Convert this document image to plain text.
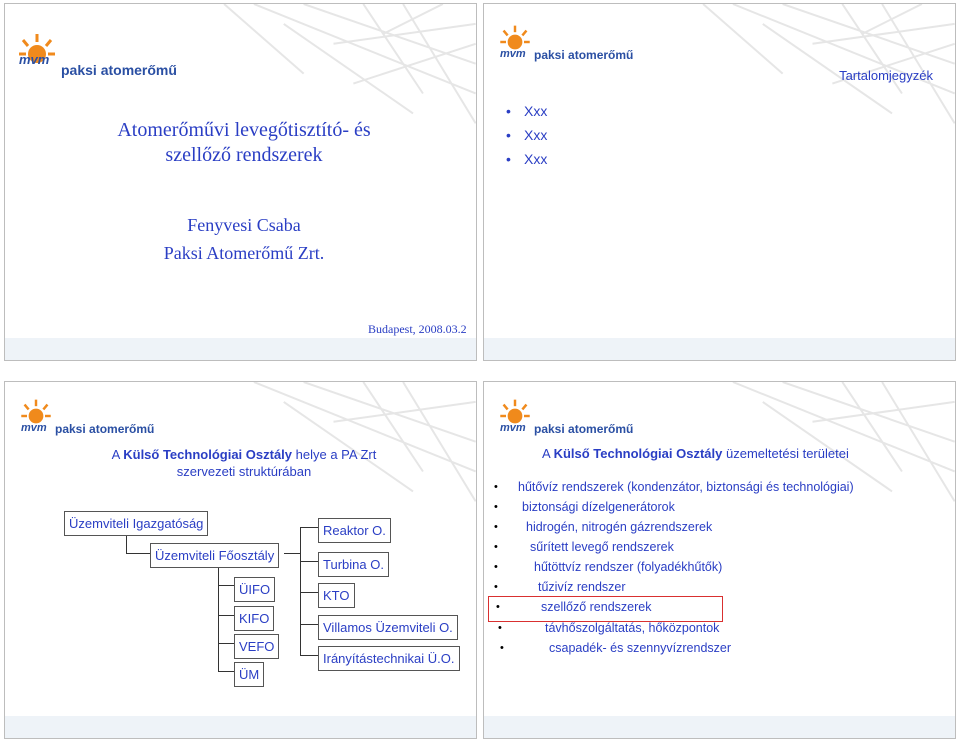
mvm
paksi atomerőmű
Atomerőművi levegőtisztító- és
szellőző rendszerek
Fenyvesi Csaba
Paksi Atomerőmű Zrt.
Budapest, 2008.03.2
mvm paksi atomerőmű
Tartalomjegyzék
• Xxx
• Xxx
• Xxx
mvm paksi atomerőmű
A Külső Technológiai Osztály helye a PA Zrt
szervezeti struktúrában
Üzemviteli Igazgatóság
Üzemviteli Főosztály
ÜIFO
KIFO
VEFO
ÜM
Reaktor O.
Turbina O.
KTO
Villamos Üzemviteli O.
Irányítástechnikai Ü.O.
mvm paksi atomerőmű
A Külső Technológiai Osztály üzemeltetési területei
• hűtővíz rendszerek (kondenzátor, biztonsági és technológiai)
• biztonsági dízelgenerátorok
• hidrogén, nitrogén gázrendszerek
•	sűrített levegő rendszerek
•	hűtöttvíz rendszer (folyadékhűtők)
•	tűzivíz rendszer
•	szellőző rendszerek
•	távhőszolgáltatás, hőközpontok
•	csapadék- és szennyvízrendszer
